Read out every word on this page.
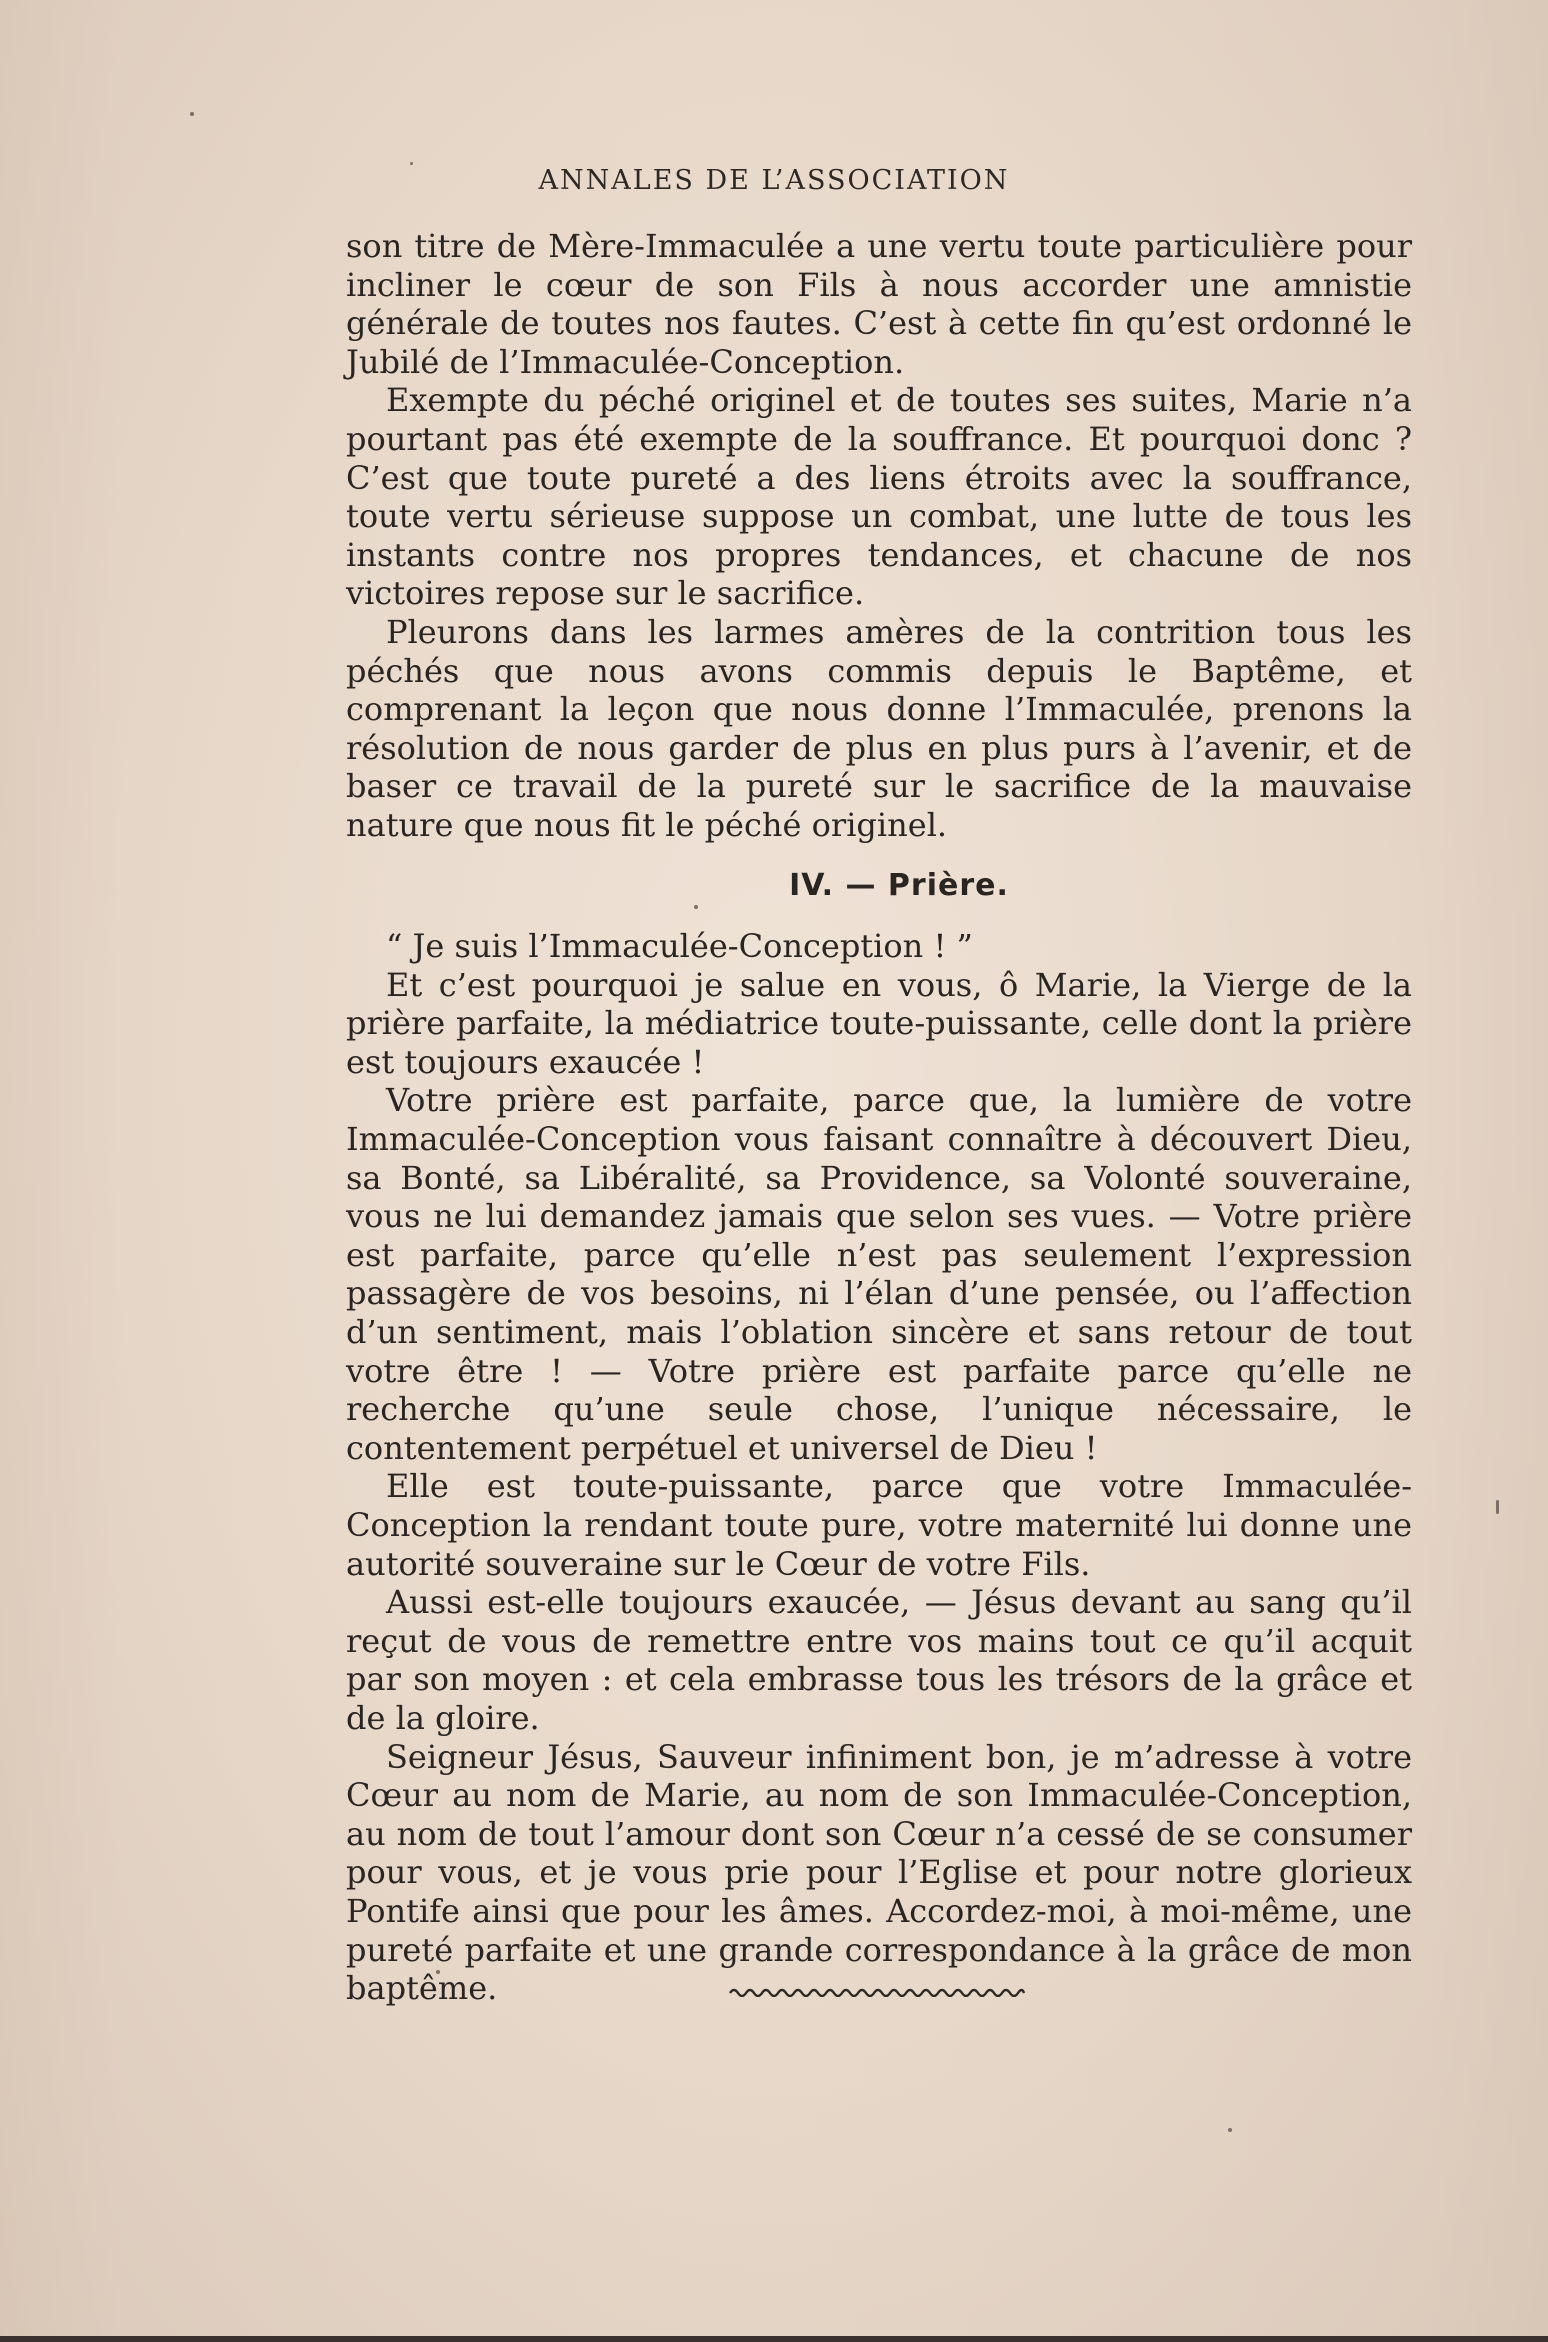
ANNALES DE L’ASSOCIATION

son titre de Mère-Immaculée a une vertu toute particulière pour incliner le cœur de son Fils à nous accorder une amnistie générale de toutes nos fautes. C’est à cette fin qu’est ordonné le Jubilé de l’Immaculée-Conception.

Exempte du péché originel et de toutes ses suites, Marie n’a pourtant pas été exempte de la souffrance. Et pourquoi donc ? C’est que toute pureté a des liens étroits avec la souffrance, toute vertu sérieuse suppose un combat, une lutte de tous les instants contre nos propres tendances, et chacune de nos victoires repose sur le sacrifice.

Pleurons dans les larmes amères de la contrition tous les péchés que nous avons commis depuis le Baptême, et comprenant la leçon que nous donne l’Immaculée, prenons la résolution de nous garder de plus en plus purs à l’avenir, et de baser ce travail de la pureté sur le sacrifice de la mauvaise nature que nous fit le péché originel.

IV. — Prière.

“ Je suis l’Immaculée-Conception ! ”

Et c’est pourquoi je salue en vous, ô Marie, la Vierge de la prière parfaite, la médiatrice toute-puissante, celle dont la prière est toujours exaucée !

Votre prière est parfaite, parce que, la lumière de votre Immaculée-Conception vous faisant connaître à découvert Dieu, sa Bonté, sa Libéralité, sa Providence, sa Volonté souveraine, vous ne lui demandez jamais que selon ses vues. — Votre prière est parfaite, parce qu’elle n’est pas seulement l’expression passagère de vos besoins, ni l’élan d’une pensée, ou l’affection d’un sentiment, mais l’oblation sincère et sans retour de tout votre être ! — Votre prière est parfaite parce qu’elle ne recherche qu’une seule chose, l’unique nécessaire, le contentement perpétuel et universel de Dieu !

Elle est toute-puissante, parce que votre Immaculée-Conception la rendant toute pure, votre maternité lui donne une autorité souveraine sur le Cœur de votre Fils.

Aussi est-elle toujours exaucée, — Jésus devant au sang qu’il reçut de vous de remettre entre vos mains tout ce qu’il acquit par son moyen : et cela embrasse tous les trésors de la grâce et de la gloire.

Seigneur Jésus, Sauveur infiniment bon, je m’adresse à votre Cœur au nom de Marie, au nom de son Immaculée-Conception, au nom de tout l’amour dont son Cœur n’a cessé de se consumer pour vous, et je vous prie pour l’Eglise et pour notre glorieux Pontife ainsi que pour les âmes. Accordez-moi, à moi-même, une pureté parfaite et une grande correspondance à la grâce de mon baptême.
